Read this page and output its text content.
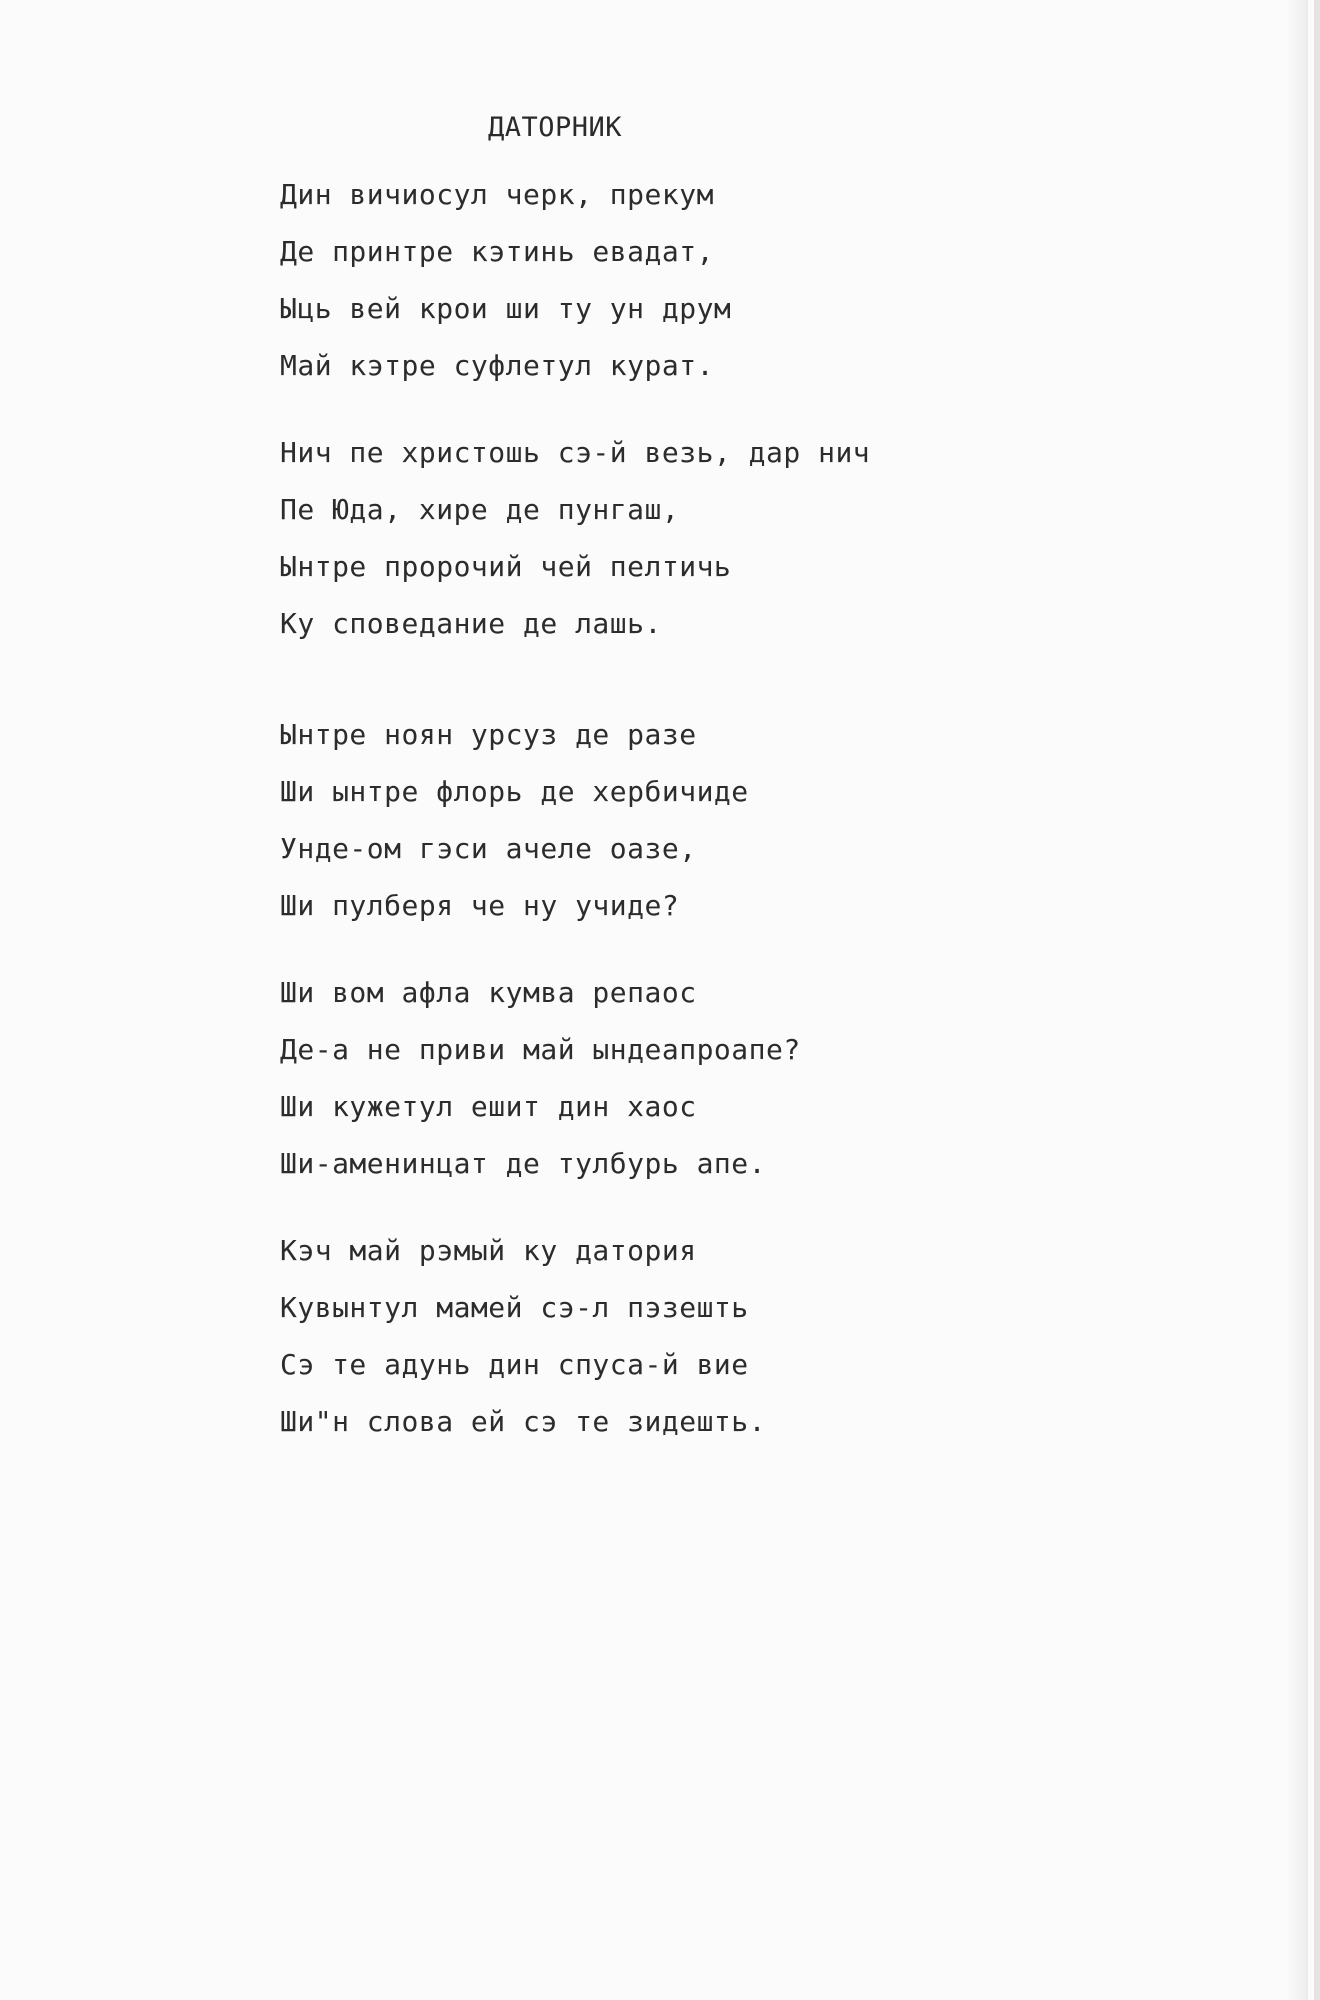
ДАТОРНИК
Дин вичиосул черк, прекум
Де принтре кэтинь евадат,
Ыць вей крои ши ту ун друм
Май кэтре суфлетул курат.
Нич пе христошь сэ-й везь, дар нич
Пе Юда, хире де пунгаш,
Ынтре пророчий чей пелтичь
Ку споведание де лашь.
Ынтре ноян урсуз де разе
Ши ынтре флорь де хербичиде
Унде-ом гэси ачеле оазе,
Ши пулберя че ну учиде?
Ши вом афла кумва репаос
Де-а не приви май ындеапроапе?
Ши кужетул ешит дин хаос
Ши-аменинцат де тулбурь апе.
Кэч май рэмый ку датория
Кувынтул мамей сэ-л пэзешть
Сэ те адунь дин спуса-й вие
Ши"н слова ей сэ те зидешть.
